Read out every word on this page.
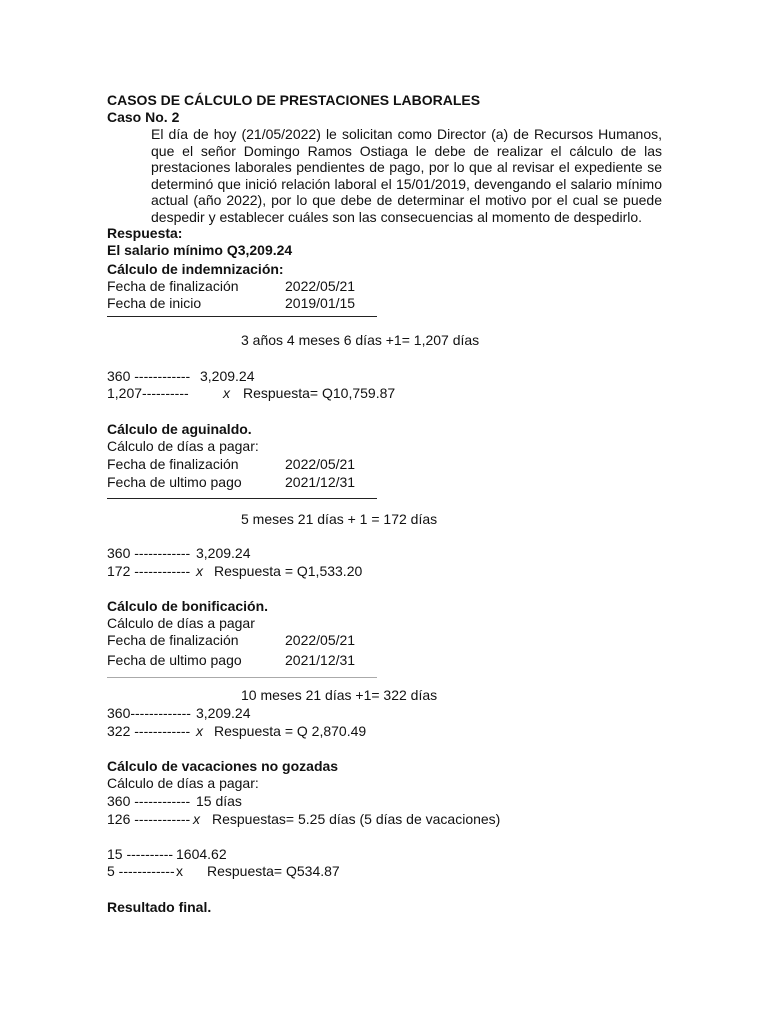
CASOS DE CÁLCULO DE PRESTACIONES LABORALES
Caso No. 2
El día de hoy (21/05/2022) le solicitan como Director (a) de Recursos Humanos, que el señor Domingo Ramos Ostiaga le debe de realizar el cálculo de las prestaciones laborales pendientes de pago, por lo que al revisar el expediente se determinó que inició relación laboral el 15/01/2019, devengando el salario mínimo actual (año 2022), por lo que debe de determinar el motivo por el cual se puede despedir y establecer cuáles son las consecuencias al momento de despedirlo.
Respuesta:
El salario mínimo Q3,209.24
Cálculo de indemnización:
Fecha de finalización	2022/05/21
Fecha de inicio	2019/01/15
3 años 4 meses 6 días +1= 1,207 días
360 ------------ 3,209.24
1,207---------- x Respuesta= Q10,759.87
Cálculo de aguinaldo.
Cálculo de días a pagar:
Fecha de finalización	2022/05/21
Fecha de ultimo pago	2021/12/31
5 meses 21 días + 1 = 172 días
360 ------------ 3,209.24
172 ------------ x Respuesta = Q1,533.20
Cálculo de bonificación.
Cálculo de días a pagar
Fecha de finalización	2022/05/21
Fecha de ultimo pago	2021/12/31
10 meses 21 días +1= 322 días
360------------- 3,209.24
322 ------------ x Respuesta = Q 2,870.49
Cálculo de vacaciones no gozadas
Cálculo de días a pagar:
360 ------------ 15 días
126 ------------ x Respuestas= 5.25 días (5 días de vacaciones)
15 ---------- 1604.62
5 ------------ x Respuesta= Q534.87
Resultado final.
